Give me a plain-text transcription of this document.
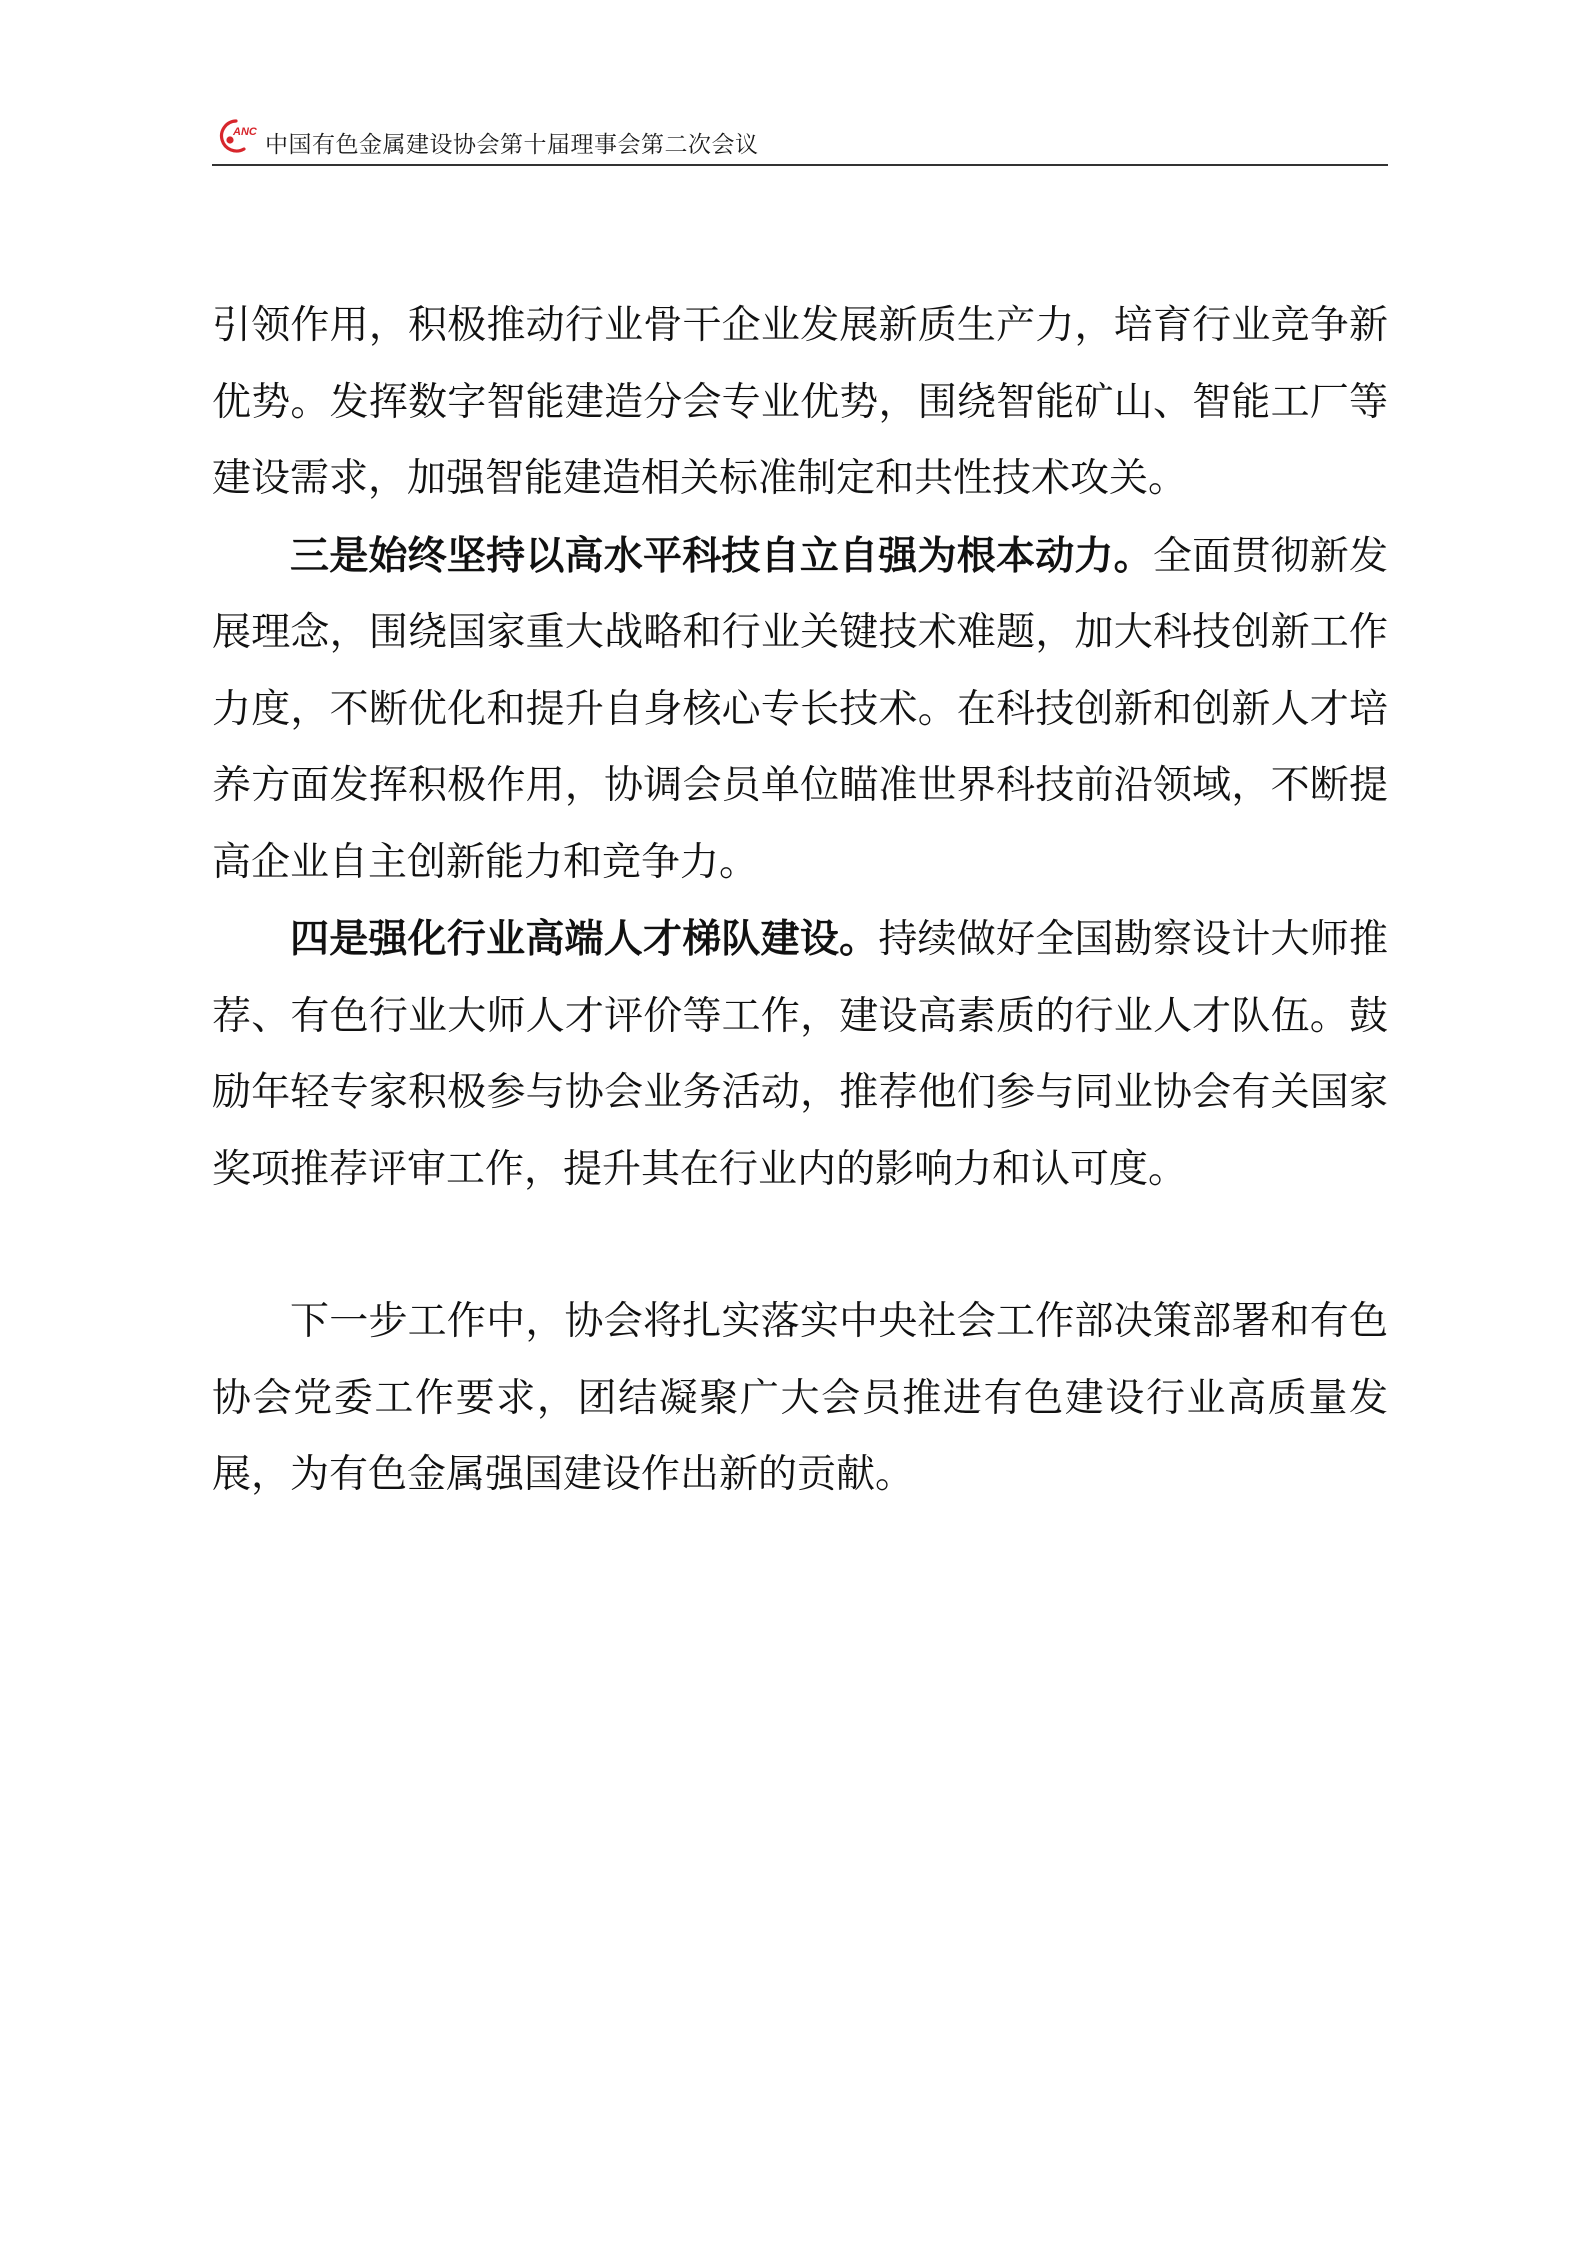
ANC 中国有色金属建设协会第十届理事会第二次会议

引领作用，积极推动行业骨干企业发展新质生产力，培育行业竞争新优势。发挥数字智能建造分会专业优势，围绕智能矿山、智能工厂等建设需求，加强智能建造相关标准制定和共性技术攻关。

三是始终坚持以高水平科技自立自强为根本动力。全面贯彻新发展理念，围绕国家重大战略和行业关键技术难题，加大科技创新工作力度，不断优化和提升自身核心专长技术。在科技创新和创新人才培养方面发挥积极作用，协调会员单位瞄准世界科技前沿领域，不断提高企业自主创新能力和竞争力。

四是强化行业高端人才梯队建设。持续做好全国勘察设计大师推荐、有色行业大师人才评价等工作，建设高素质的行业人才队伍。鼓励年轻专家积极参与协会业务活动，推荐他们参与同业协会有关国家奖项推荐评审工作，提升其在行业内的影响力和认可度。

下一步工作中，协会将扎实落实中央社会工作部决策部署和有色协会党委工作要求，团结凝聚广大会员推进有色建设行业高质量发展，为有色金属强国建设作出新的贡献。
